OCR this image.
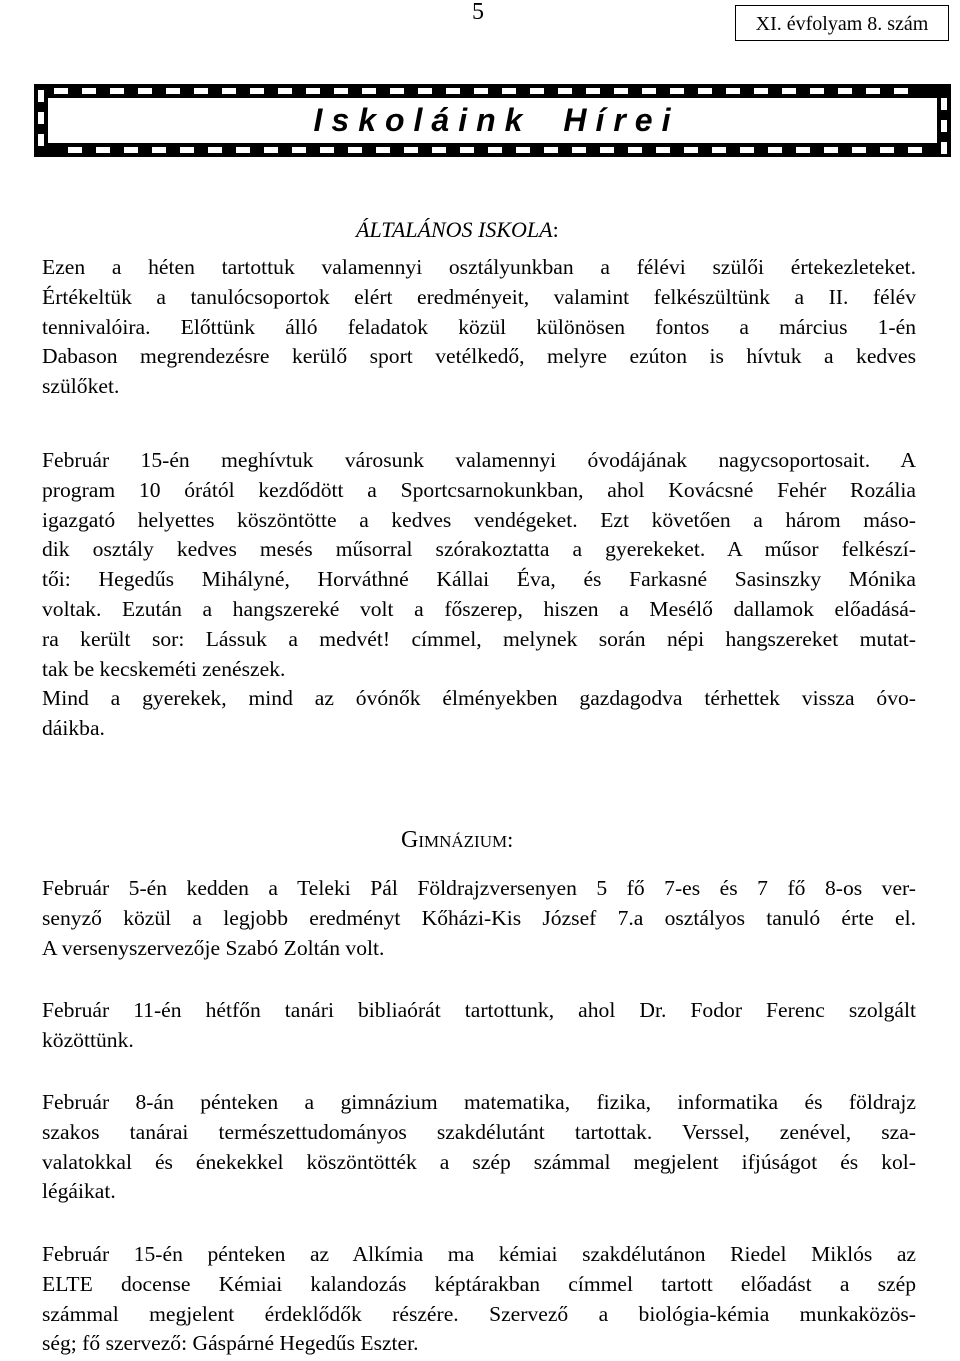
5	XI. évfolyam 8. szám
Iskoláink Hírei
ÁLTALÁNOS ISKOLA:
Ezen a héten tartottuk valamennyi osztályunkban a félévi szülői értekezleteket.
Értékeltük a tanulócsoportok elért eredményeit, valamint felkészültünk a II. félév
tennivalóira. Előttünk álló feladatok közül különösen fontos a március 1-én
Dabason megrendezésre kerülő sport vetélkedő, melyre ezúton is hívtuk a kedves
szülőket.
Február 15-én meghívtuk városunk valamennyi óvodájának nagycsoportosait. A
program 10 órától kezdődött a Sportcsarnokunkban, ahol Kovácsné Fehér Rozália
igazgató helyettes köszöntötte a kedves vendégeket. Ezt követően a három máso-
dik osztály kedves mesés műsorral szórakoztatta a gyerekeket. A műsor felkészí-
tői: Hegedűs Mihályné, Horváthné Kállai Éva, és Farkasné Sasinszky Mónika
voltak. Ezután a hangszereké volt a főszerep, hiszen a Mesélő dallamok előadásá-
ra került sor: Lássuk a medvét! címmel, melynek során népi hangszereket mutat-
tak be kecskeméti zenészek.
Mind a gyerekek, mind az óvónők élményekben gazdagodva térhettek vissza óvo-
dáikba.
Gimnázium:
Február 5-én kedden a Teleki Pál Földrajzversenyen 5 fő 7-es és 7 fő 8-os ver-
senyző közül a legjobb eredményt Kőházi-Kis József 7.a osztályos tanuló érte el.
A versenyszervezője Szabó Zoltán volt.
Február 11-én hétfőn tanári bibliaórát tartottunk, ahol Dr. Fodor Ferenc szolgált
közöttünk.
Február 8-án pénteken a gimnázium matematika, fizika, informatika és földrajz
szakos tanárai természettudományos szakdélutánt tartottak. Verssel, zenével, sza-
valatokkal és énekekkel köszöntötték a szép számmal megjelent ifjúságot és kol-
légáikat.
Február 15-én pénteken az Alkímia ma kémiai szakdélutánon Riedel Miklós az
ELTE docense Kémiai kalandozás képtárakban címmel tartott előadást a szép
számmal megjelent érdeklődők részére. Szervező a biológia-kémia munkaközös-
ség; fő szervező: Gáspárné Hegedűs Eszter.
